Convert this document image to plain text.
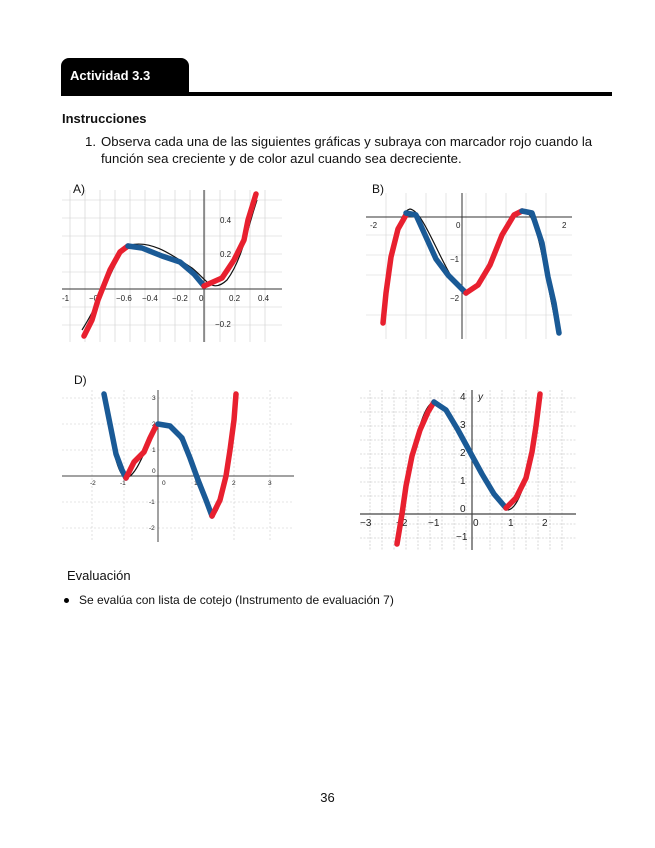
Actividad 3.3
Instrucciones
1. Observa cada una de las siguientes gráficas y subraya con marcador rojo cuando la función sea creciente y de color azul cuando sea decreciente.
A)
-1 −0 −0.6 −0.4 −0.2 0	0.2 0.4
0.4
0.2
−0.2
B)
-2	0	2
−1
−2
D)
-2	-1	0	1	2	3
3
2
1
0
-1
-2
y
−3 −2 −1	0	1	2
4
3
2
1
0
−1
Evaluación
Se evalúa con lista de cotejo (Instrumento de evaluación 7)
36
